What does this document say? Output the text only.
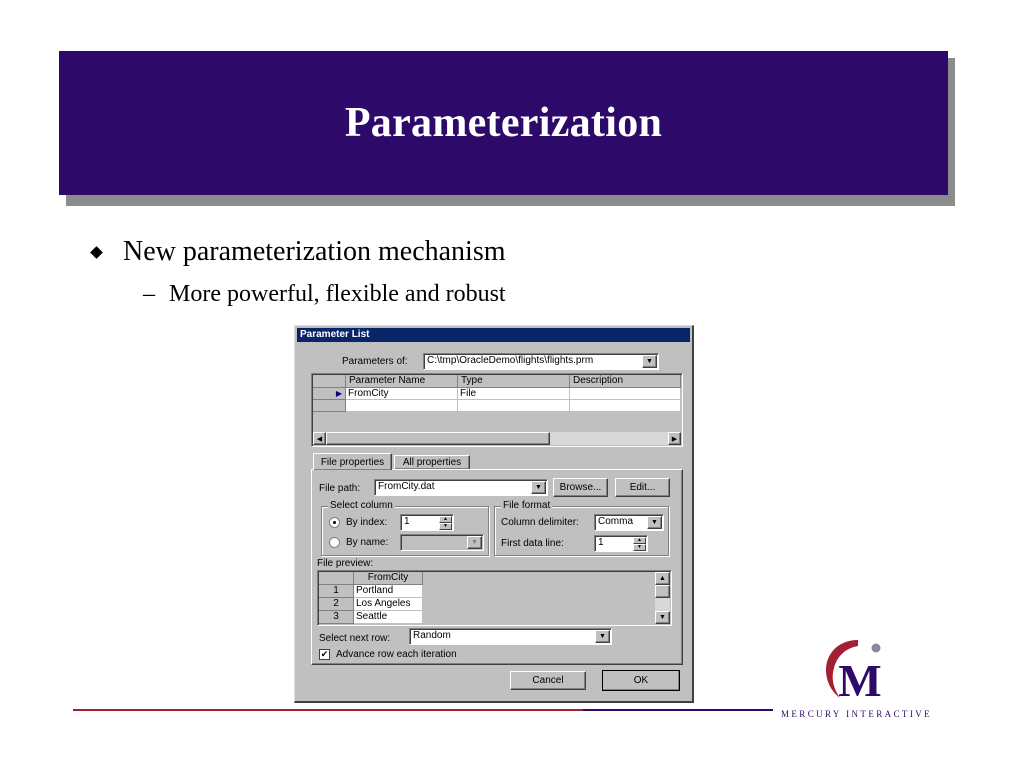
Parameterization
New parameterization mechanism
– More powerful, flexible and robust
Parameter List
Parameters of: C:\tmp\OracleDemo\flights\flights.prm	▼
Parameter Name	Type	Description
▶ FromCity	File
◀	▶
File properties	All properties
File path: FromCity.dat	▼	Browse...	Edit...
Select column
By index: 1	▲
▼
By name:	▼
File format
Column delimiter: Comma	▼
First data line:	1	▲
▼
File preview:
FromCity
1	Portland
2	Los Angeles
3	Seattle
▲
▼
Select next row: Random	▼
✔ Advance row each iteration
Cancel	OK	M
MERCURY INTERACTIVE
